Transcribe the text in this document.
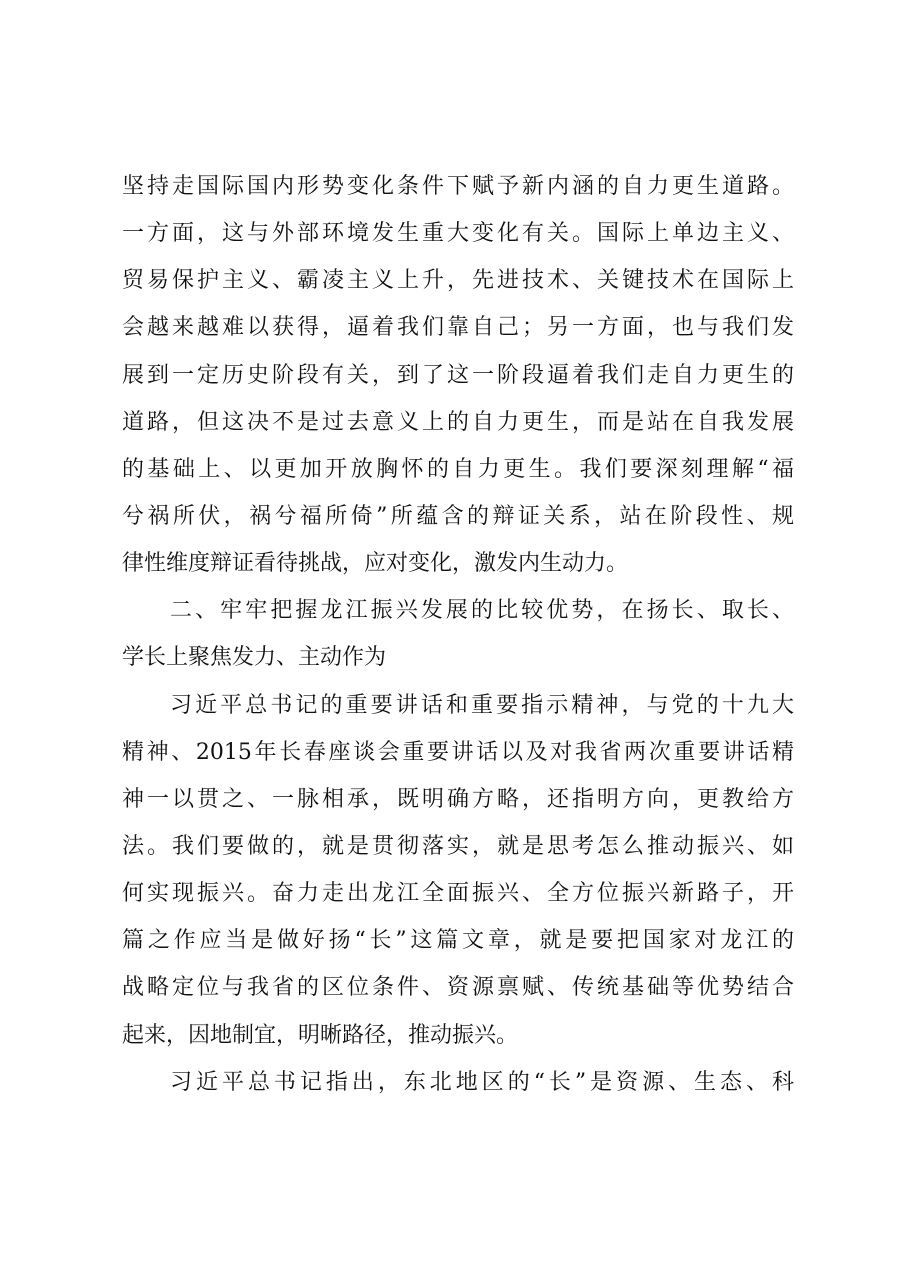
坚持走国际国内形势变化条件下赋予新内涵的自力更生道路。
一方面，这与外部环境发生重大变化有关。国际上单边主义、
贸易保护主义、霸凌主义上升，先进技术、关键技术在国际上
会越来越难以获得，逼着我们靠自己；另一方面，也与我们发
展到一定历史阶段有关，到了这一阶段逼着我们走自力更生的
道路，但这决不是过去意义上的自力更生，而是站在自我发展
的基础上、以更加开放胸怀的自力更生。我们要深刻理解“福
兮祸所伏，祸兮福所倚”所蕴含的辩证关系，站在阶段性、规
律性维度辩证看待挑战，应对变化，激发内生动力。
二、牢牢把握龙江振兴发展的比较优势，在扬长、取长、
学长上聚焦发力、主动作为
习近平总书记的重要讲话和重要指示精神，与党的十九大
精神、2015年长春座谈会重要讲话以及对我省两次重要讲话精
神一以贯之、一脉相承，既明确方略，还指明方向，更教给方
法。我们要做的，就是贯彻落实，就是思考怎么推动振兴、如
何实现振兴。奋力走出龙江全面振兴、全方位振兴新路子，开
篇之作应当是做好扬“长”这篇文章，就是要把国家对龙江的
战略定位与我省的区位条件、资源禀赋、传统基础等优势结合
起来，因地制宜，明晰路径，推动振兴。
习近平总书记指出，东北地区的“长”是资源、生态、科
